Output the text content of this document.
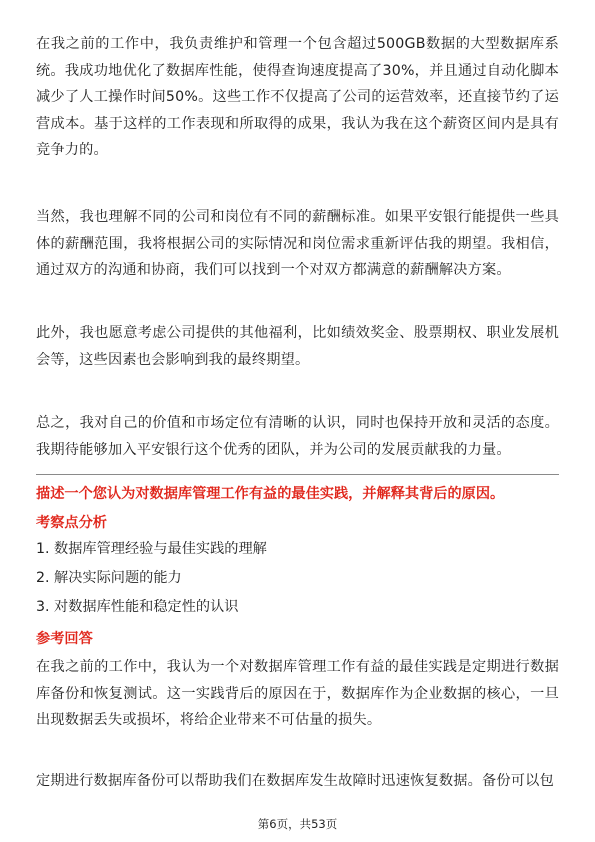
在我之前的工作中，我负责维护和管理一个包含超过500GB数据的大型数据库系统。我成功地优化了数据库性能，使得查询速度提高了30%，并且通过自动化脚本减少了人工操作时间50%。这些工作不仅提高了公司的运营效率，还直接节约了运营成本。基于这样的工作表现和所取得的成果，我认为我在这个薪资区间内是具有竞争力的。

当然，我也理解不同的公司和岗位有不同的薪酬标准。如果平安银行能提供一些具体的薪酬范围，我将根据公司的实际情况和岗位需求重新评估我的期望。我相信，通过双方的沟通和协商，我们可以找到一个对双方都满意的薪酬解决方案。

此外，我也愿意考虑公司提供的其他福利，比如绩效奖金、股票期权、职业发展机会等，这些因素也会影响到我的最终期望。

总之，我对自己的价值和市场定位有清晰的认识，同时也保持开放和灵活的态度。我期待能够加入平安银行这个优秀的团队，并为公司的发展贡献我的力量。

描述一个您认为对数据库管理工作有益的最佳实践，并解释其背后的原因。

考察点分析

1. 数据库管理经验与最佳实践的理解

2. 解决实际问题的能力

3. 对数据库性能和稳定性的认识

参考回答

在我之前的工作中，我认为一个对数据库管理工作有益的最佳实践是定期进行数据库备份和恢复测试。这一实践背后的原因在于，数据库作为企业数据的核心，一旦出现数据丢失或损坏，将给企业带来不可估量的损失。

定期进行数据库备份可以帮助我们在数据库发生故障时迅速恢复数据。备份可以包

第6页，共53页
